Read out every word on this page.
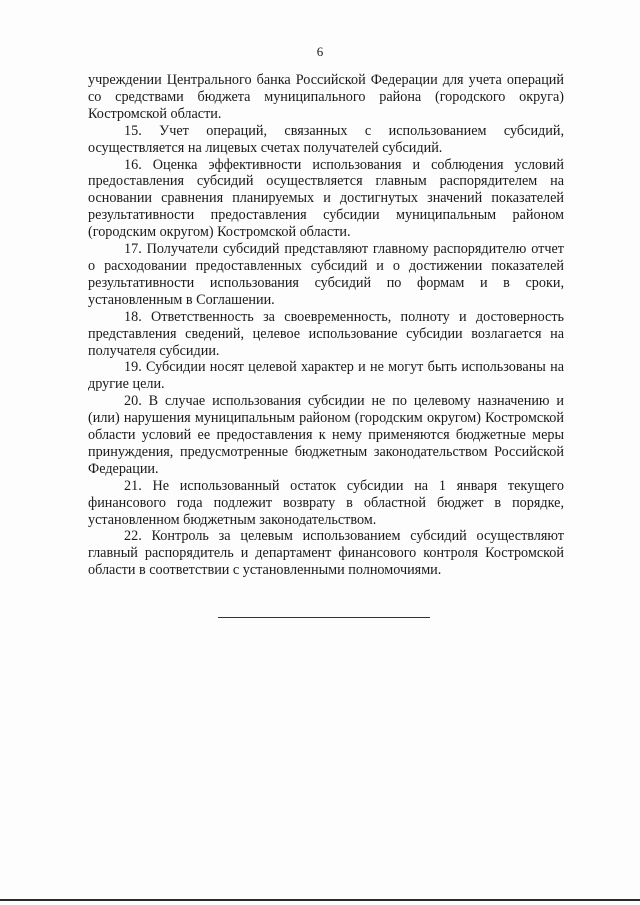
6

учреждении Центрального банка Российской Федерации для учета операций со средствами бюджета муниципального района (городского округа) Костромской области.

15. Учет операций, связанных с использованием субсидий, осуществляется на лицевых счетах получателей субсидий.

16. Оценка эффективности использования и соблюдения условий предоставления субсидий осуществляется главным распорядителем на основании сравнения планируемых и достигнутых значений показателей результативности предоставления субсидии муниципальным районом (городским округом) Костромской области.

17. Получатели субсидий представляют главному распорядителю отчет о расходовании предоставленных субсидий и о достижении показателей результативности использования субсидий по формам и в сроки, установленным в Соглашении.

18. Ответственность за своевременность, полноту и достоверность представления сведений, целевое использование субсидии возлагается на получателя субсидии.

19. Субсидии носят целевой характер и не могут быть использованы на другие цели.

20. В случае использования субсидии не по целевому назначению и (или) нарушения муниципальным районом (городским округом) Костромской области условий ее предоставления к нему применяются бюджетные меры принуждения, предусмотренные бюджетным законодательством Российской Федерации.

21. Не использованный остаток субсидии на 1 января текущего финансового года подлежит возврату в областной бюджет в порядке, установленном бюджетным законодательством.

22. Контроль за целевым использованием субсидий осуществляют главный распорядитель и департамент финансового контроля Костромской области в соответствии с установленными полномочиями.
